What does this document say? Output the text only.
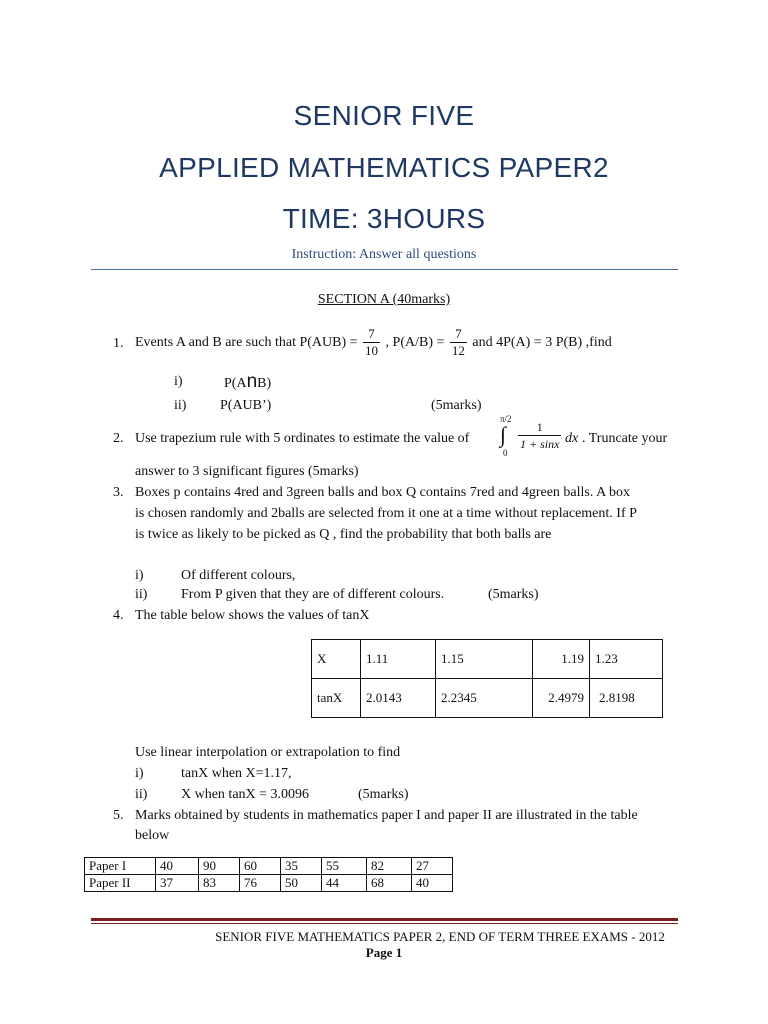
SENIOR FIVE
APPLIED MATHEMATICS PAPER2
TIME: 3HOURS
Instruction: Answer all questions
SECTION A (40marks)
1. Events A and B are such that $P(AUB) = \frac{7}{10}$ , $P(A/B) = \frac{7}{12}$ and 4P(A) = 3 P(B) ,find
i)	P(AnB)
ii) P(AUB’)	(5marks)
2. Use trapezium rule with 5 ordinates to estimate the value of
π/2
∫
0
$\frac{1}{1 + \sin x}$ dx . Truncate your
answer to 3 significant figures (5marks)
3. Boxes p contains 4red and 3green balls and box Q contains 7red and 4green balls. A box
is chosen randomly and 2balls are selected from it one at a time without replacement. If P
is twice as likely to be picked as Q , find the probability that both balls are
i)	Of different colours,
ii) From P given that they are of different colours.	(5marks)
4. The table below shows the values of tanX
X	1.11	1.15	1.19	1.23
tanX	2.0143	2.2345	2.4979	2.8198
Use linear interpolation or extrapolation to find
i)	tanX when X=1.17,
ii) X when tanX = 3.0096	(5marks)
5. Marks obtained by students in mathematics paper I and paper II are illustrated in the table
below
Paper I	40	90	60	35	55	82	27
Paper II	37	83	76	50	44	68	40
SENIOR FIVE MATHEMATICS PAPER 2, END OF TERM THREE EXAMS - 2012
Page 1
